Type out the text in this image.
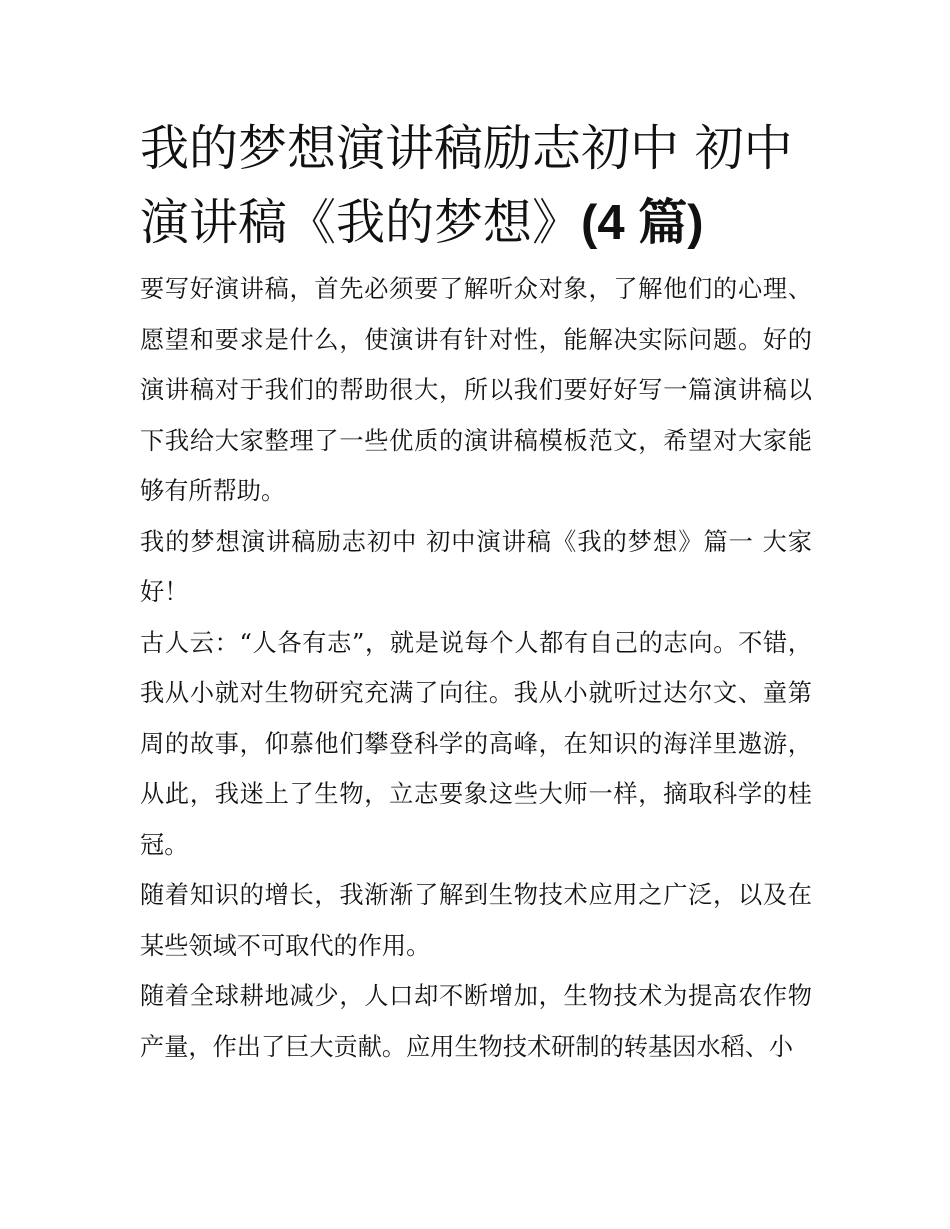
我的梦想演讲稿励志初中 初中演讲稿《我的梦想》(4 篇)

要写好演讲稿，首先必须要了解听众对象，了解他们的心理、愿望和要求是什么，使演讲有针对性，能解决实际问题。好的演讲稿对于我们的帮助很大，所以我们要好好写一篇演讲稿以下我给大家整理了一些优质的演讲稿模板范文，希望对大家能够有所帮助。

我的梦想演讲稿励志初中 初中演讲稿《我的梦想》篇一 大家好！

古人云：“人各有志”，就是说每个人都有自己的志向。不错，我从小就对生物研究充满了向往。我从小就听过达尔文、童第周的故事，仰慕他们攀登科学的高峰，在知识的海洋里遨游，从此，我迷上了生物，立志要象这些大师一样，摘取科学的桂冠。

随着知识的增长，我渐渐了解到生物技术应用之广泛，以及在某些领域不可取代的作用。

随着全球耕地减少，人口却不断增加，生物技术为提高农作物产量，作出了巨大贡献。应用生物技术研制的转基因水稻、小
